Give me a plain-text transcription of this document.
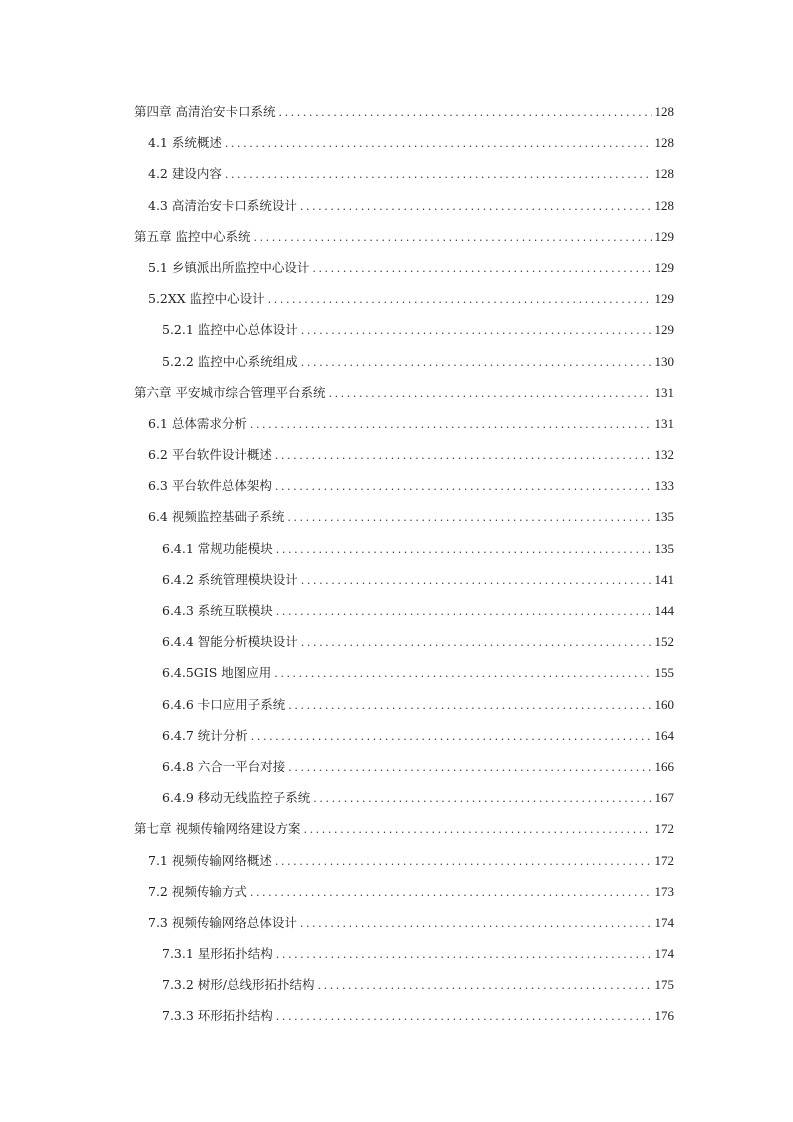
第四章 高清治安卡口系统 .....	128
4.1 系统概述 .....	128
4.2 建设内容 .....	128
4.3 高清治安卡口系统设计 .....	128
第五章 监控中心系统 .....	129
5.1 乡镇派出所监控中心设计 .....	129
5.2XX 监控中心设计 .....	129
5.2.1 监控中心总体设计 .....	129
5.2.2 监控中心系统组成 .....	130
第六章 平安城市综合管理平台系统 .....	131
6.1 总体需求分析 .....	131
6.2 平台软件设计概述 .....	132
6.3 平台软件总体架构 .....	133
6.4 视频监控基础子系统 .....	135
6.4.1 常规功能模块 .....	135
6.4.2 系统管理模块设计 .....	141
6.4.3 系统互联模块 .....	144
6.4.4 智能分析模块设计 .....	152
6.4.5GIS 地图应用 .....	155
6.4.6 卡口应用子系统 .....	160
6.4.7 统计分析 .....	164
6.4.8 六合一平台对接 .....	166
6.4.9 移动无线监控子系统 .....	167
第七章 视频传输网络建设方案 .....	172
7.1 视频传输网络概述 .....	172
7.2 视频传输方式 .....	173
7.3 视频传输网络总体设计 .....	174
7.3.1 星形拓扑结构 .....	174
7.3.2 树形/总线形拓扑结构 .....	175
7.3.3 环形拓扑结构 .....	176
